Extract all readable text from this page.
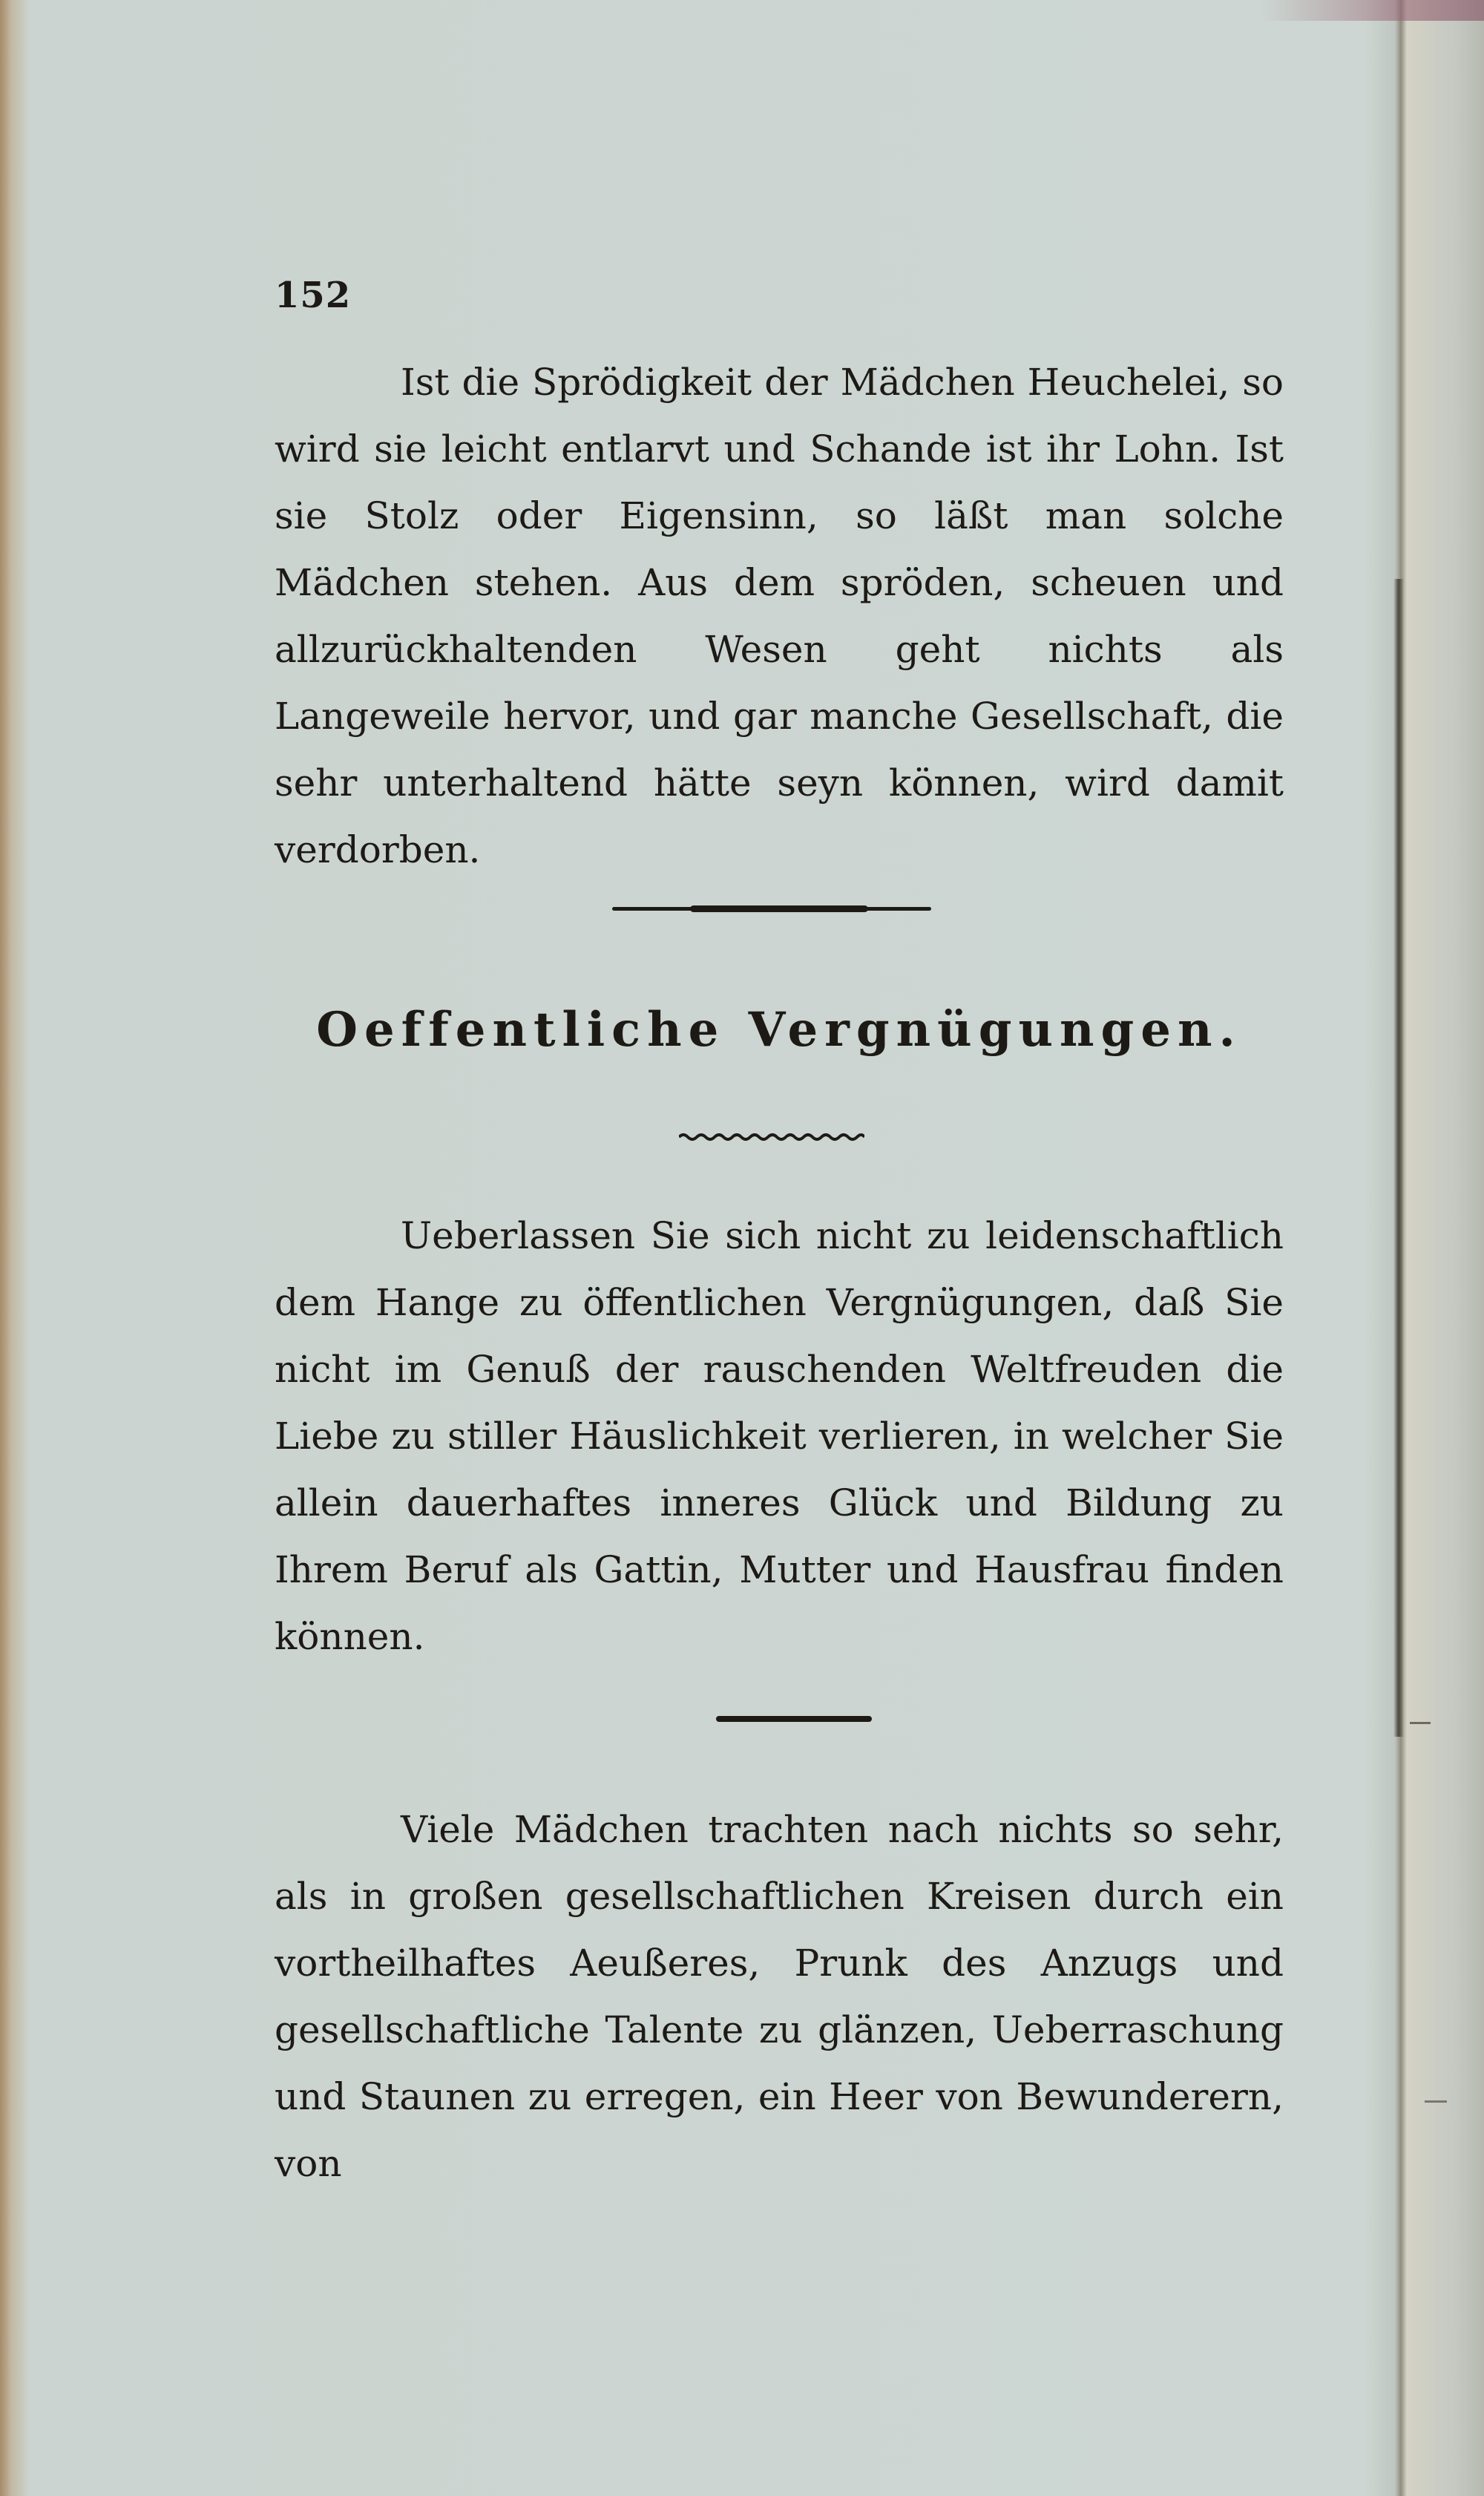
152

Ist die Sprödigkeit der Mädchen Heuchelei, so wird sie leicht entlarvt und Schande ist ihr Lohn. Ist sie Stolz oder Eigensinn, so läßt man solche Mädchen stehen. Aus dem spröden, scheuen und allzurückhaltenden Wesen geht nichts als Langeweile hervor, und gar manche Gesellschaft, die sehr unterhaltend hätte seyn können, wird damit verdorben.

Oeffentliche Vergnügungen.

Ueberlassen Sie sich nicht zu leidenschaftlich dem Hange zu öffentlichen Vergnügungen, daß Sie nicht im Genuß der rauschenden Weltfreuden die Liebe zu stiller Häuslichkeit verlieren, in welcher Sie allein dauerhaftes inneres Glück und Bildung zu Ihrem Beruf als Gattin, Mutter und Hausfrau finden können.

Viele Mädchen trachten nach nichts so sehr, als in großen gesellschaftlichen Kreisen durch ein vortheilhaftes Aeußeres, Prunk des Anzugs und gesellschaftliche Talente zu glänzen, Ueberraschung und Staunen zu erregen, ein Heer von Bewunderern, von
